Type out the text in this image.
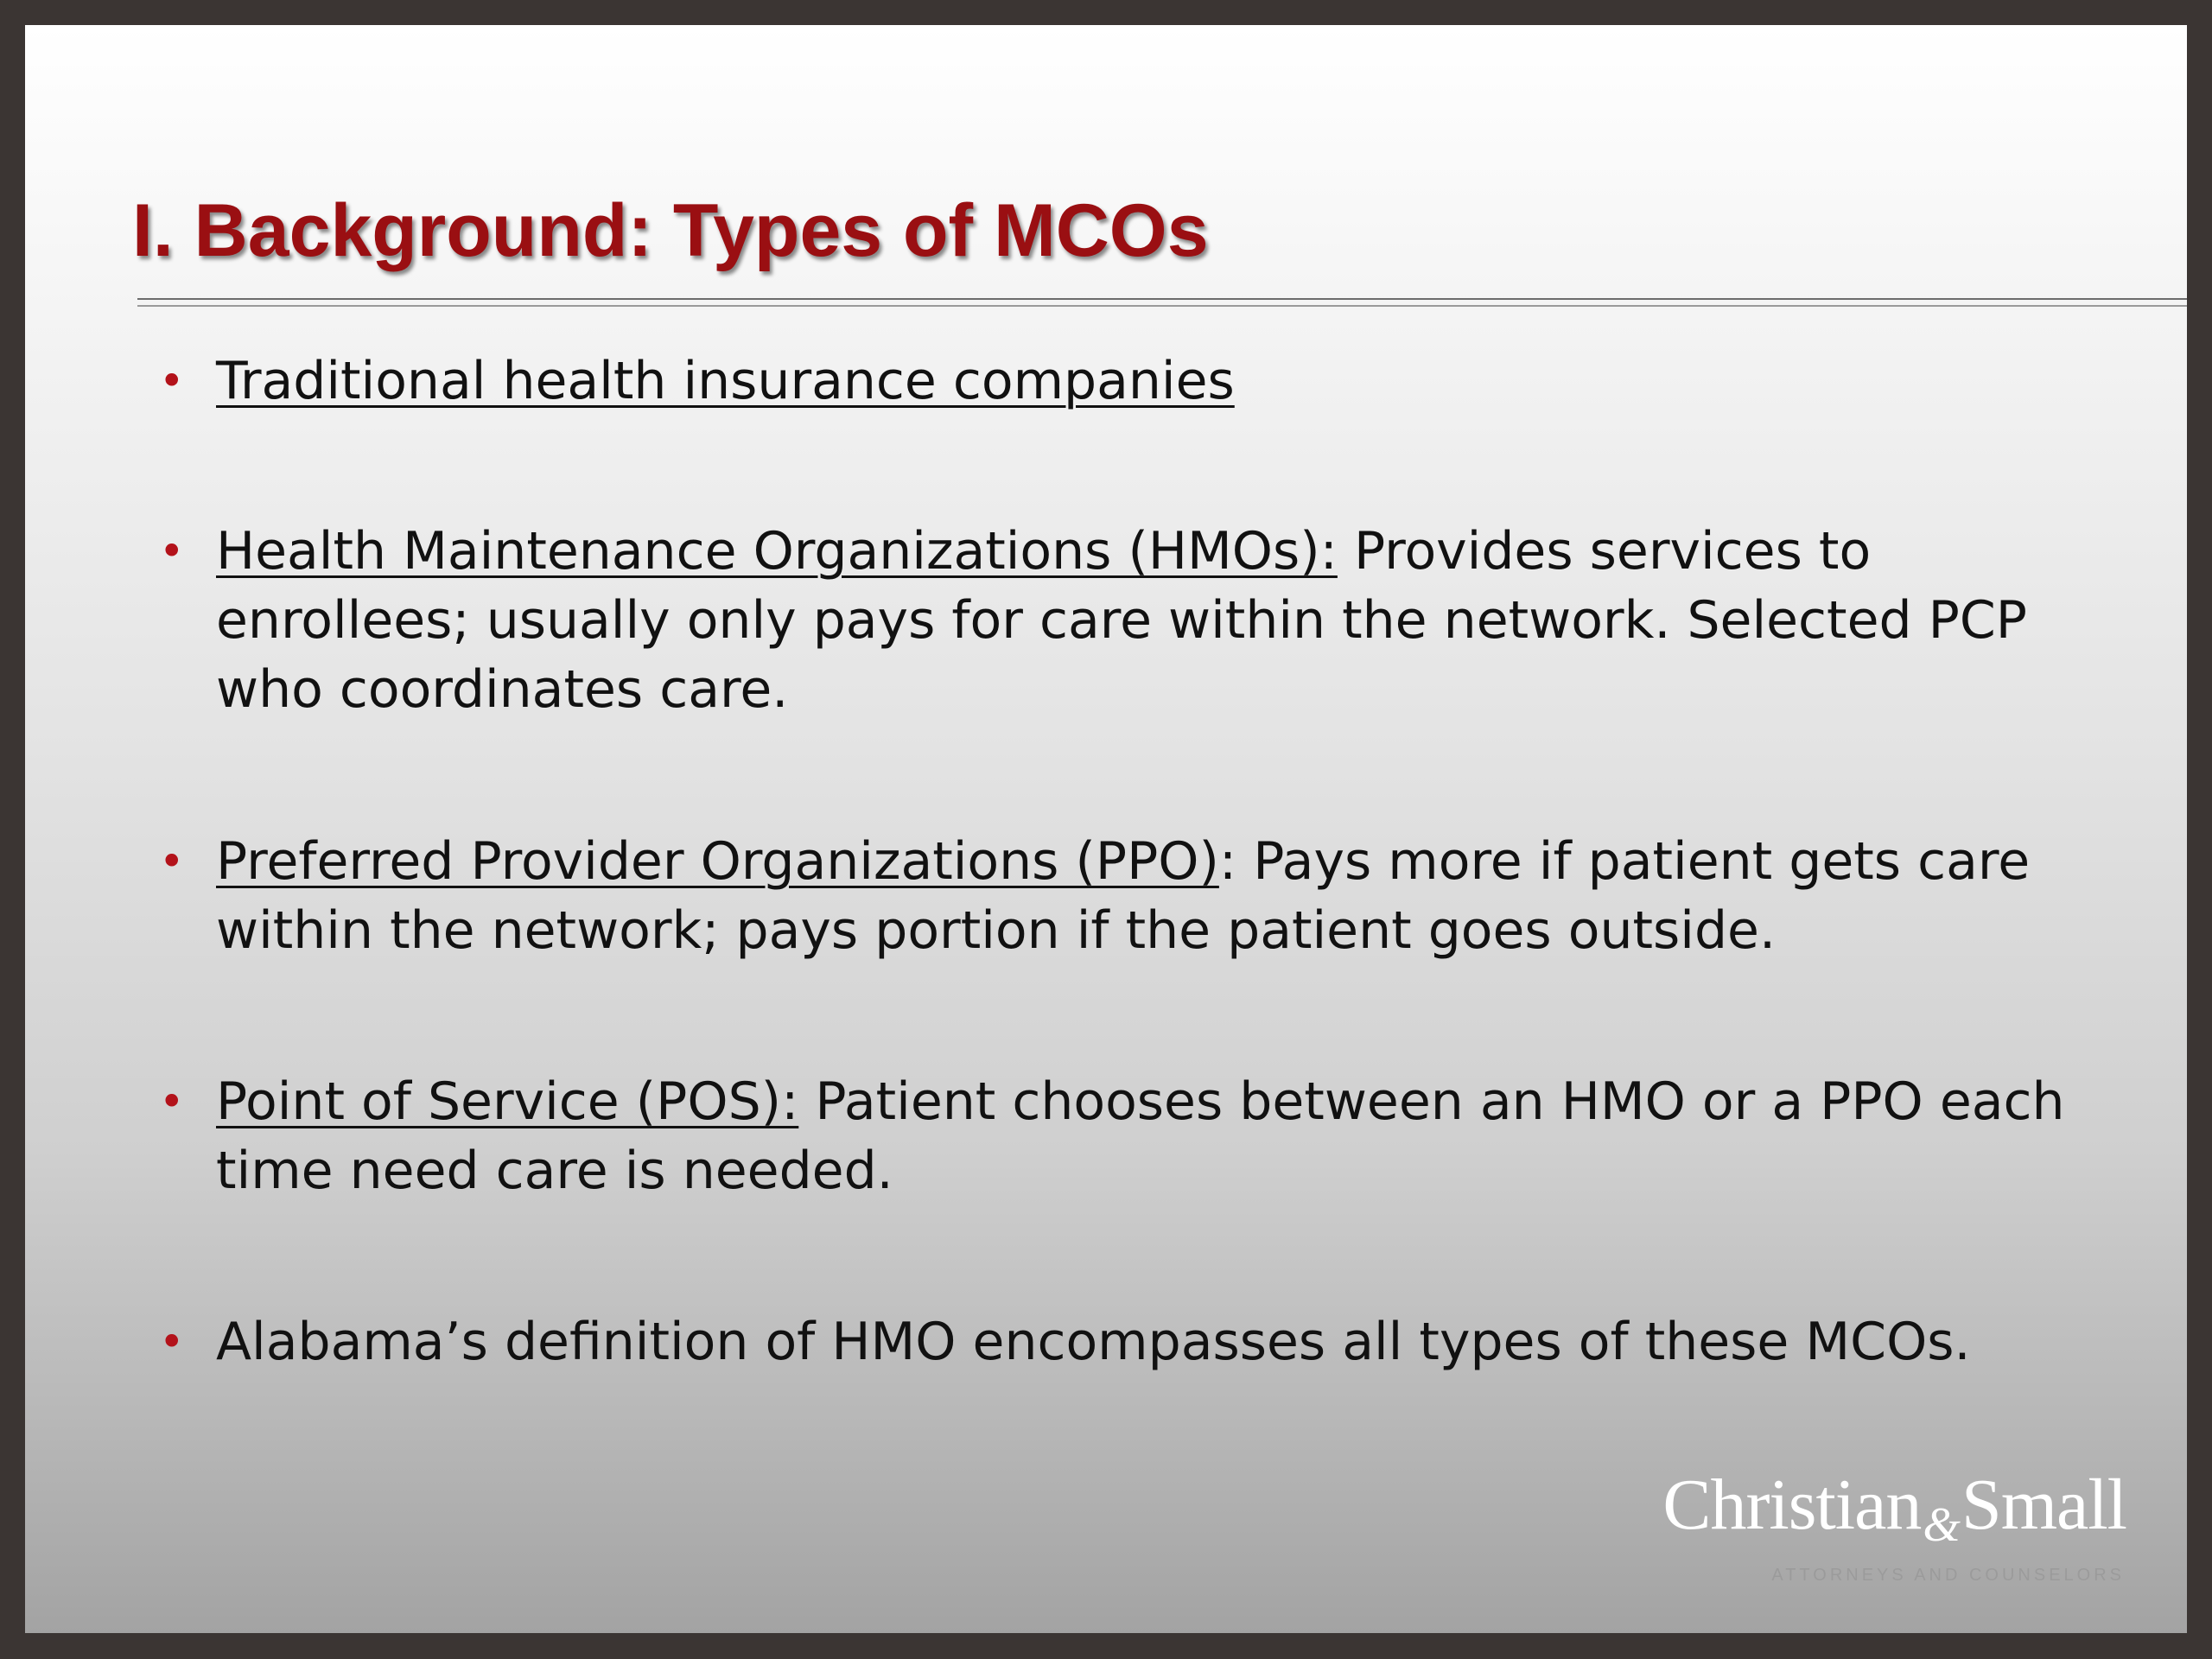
I. Background: Types of MCOs
• Traditional health insurance companies
• Health Maintenance Organizations (HMOs): Provides services to enrollees; usually only pays for care within the network. Selected PCP who coordinates care.
• Preferred Provider Organizations (PPO): Pays more if patient gets care within the network; pays portion if the patient goes outside.
• Point of Service (POS): Patient chooses between an HMO or a PPO each time need care is needed.
• Alabama’s definition of HMO encompasses all types of these MCOs.
Christian&Small
ATTORNEYS AND COUNSELORS
